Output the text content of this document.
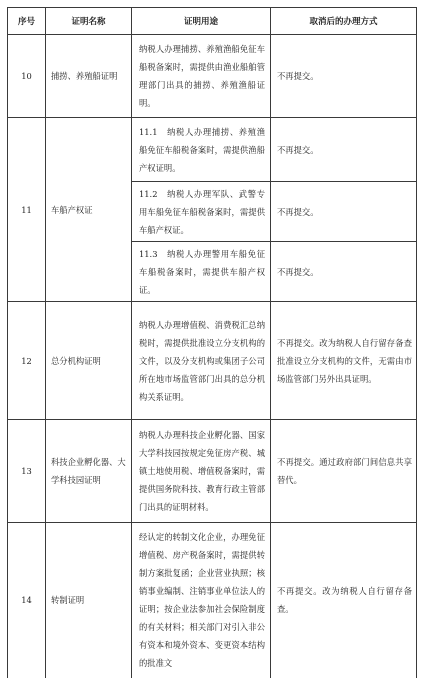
序号	证明名称	证明用途	取消后的办理方式
10	捕捞、养殖船证明	纳税人办理捕捞、养殖渔船免征车船税备案时，需提供由渔业船舶管理部门出具的捕捞、养殖渔船证明。	不再提交。
11	车船产权证	11.1　纳税人办理捕捞、养殖渔船免征车船税备案时，需提供渔船产权证明。	不再提交。
		11.2　纳税人办理军队、武警专用车船免征车船税备案时，需提供车船产权证。	不再提交。
		11.3　纳税人办理警用车船免征车船税备案时，需提供车船产权证。	不再提交。
12	总分机构证明	纳税人办理增值税、消费税汇总纳税时，需提供批准设立分支机构的文件，以及分支机构或集团子公司所在地市场监管部门出具的总分机构关系证明。	不再提交。改为纳税人自行留存备查批准设立分支机构的文件，无需由市场监管部门另外出具证明。
13	科技企业孵化器、大学科技园证明	纳税人办理科技企业孵化器、国家大学科技园按规定免征房产税、城镇土地使用税、增值税备案时，需提供国务院科技、教育行政主管部门出具的证明材料。	不再提交。通过政府部门间信息共享替代。
14	转制证明	经认定的转制文化企业，办理免征增值税、房产税备案时，需提供转制方案批复函；企业营业执照；核销事业编制、注销事业单位法人的证明；按企业法参加社会保险制度的有关材料；相关部门对引入非公有资本和境外资本、变更资本结构的批准文	不再提交。改为纳税人自行留存备查。
